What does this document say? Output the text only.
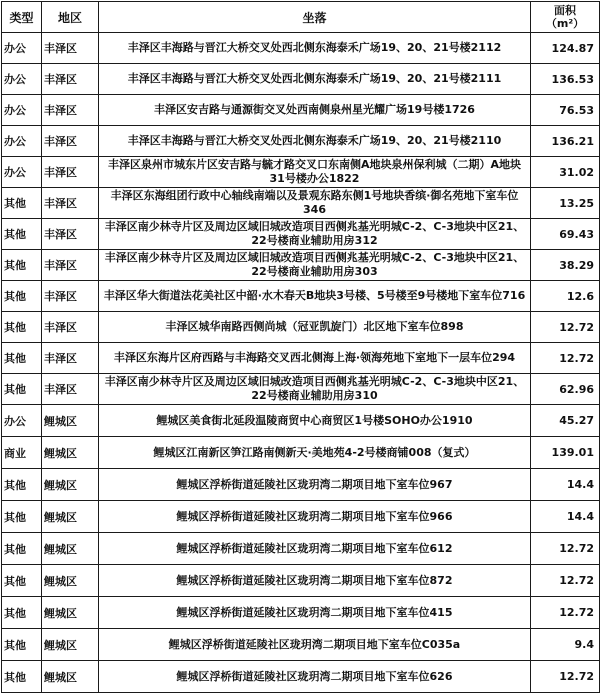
类型	地区	坐落	面积
（m²）
办公	丰泽区	丰泽区丰海路与晋江大桥交叉处西北侧东海泰禾广场19、20、21号楼2112	124.87
办公	丰泽区	丰泽区丰海路与晋江大桥交叉处西北侧东海泰禾广场19、20、21号楼2111	136.53
办公	丰泽区	丰泽区安吉路与通源街交叉处西南侧泉州星光耀广场19号楼1726	76.53
办公	丰泽区	丰泽区丰海路与晋江大桥交叉处西北侧东海泰禾广场19、20、21号楼2110	136.21
办公	丰泽区	丰泽区泉州市城东片区安吉路与毓才路交叉口东南侧A地块泉州保利城（二期）A地块31号楼办公1822	31.02
其他	丰泽区	丰泽区东海组团行政中心轴线南端以及景观东路东侧1号地块香缤·御名苑地下室车位346	13.25
其他	丰泽区	丰泽区南少林寺片区及周边区域旧城改造项目西侧兆基光明城C-2、C-3地块中区21、22号楼商业辅助用房312	69.43
其他	丰泽区	丰泽区南少林寺片区及周边区域旧城改造项目西侧兆基光明城C-2、C-3地块中区21、22号楼商业辅助用房303	38.29
其他	丰泽区	丰泽区华大街道法花美社区中韶·水木春天B地块3号楼、5号楼至9号楼地下室车位716	12.6
其他	丰泽区	丰泽区城华南路西侧尚城（冠亚凯旋门）北区地下室车位898	12.72
其他	丰泽区	丰泽区东海片区府西路与丰海路交叉西北侧海上海·领海苑地下室地下一层车位294	12.72
其他	丰泽区	丰泽区南少林寺片区及周边区域旧城改造项目西侧兆基光明城C-2、C-3地块中区21、22号楼商业辅助用房310	62.96
办公	鲤城区	鲤城区美食街北延段温陵商贸中心商贸区1号楼SOHO办公1910	45.27
商业	鲤城区	鲤城区江南新区笋江路南侧新天·美地苑4-2号楼商铺008（复式）	139.01
其他	鲤城区	鲤城区浮桥街道延陵社区珑玥湾二期项目地下室车位967	14.4
其他	鲤城区	鲤城区浮桥街道延陵社区珑玥湾二期项目地下室车位966	14.4
其他	鲤城区	鲤城区浮桥街道延陵社区珑玥湾二期项目地下室车位612	12.72
其他	鲤城区	鲤城区浮桥街道延陵社区珑玥湾二期项目地下室车位872	12.72
其他	鲤城区	鲤城区浮桥街道延陵社区珑玥湾二期项目地下室车位415	12.72
其他	鲤城区	鲤城区浮桥街道延陵社区珑玥湾二期项目地下室车位C035a	9.4
其他	鲤城区	鲤城区浮桥街道延陵社区珑玥湾二期项目地下室车位626	12.72
